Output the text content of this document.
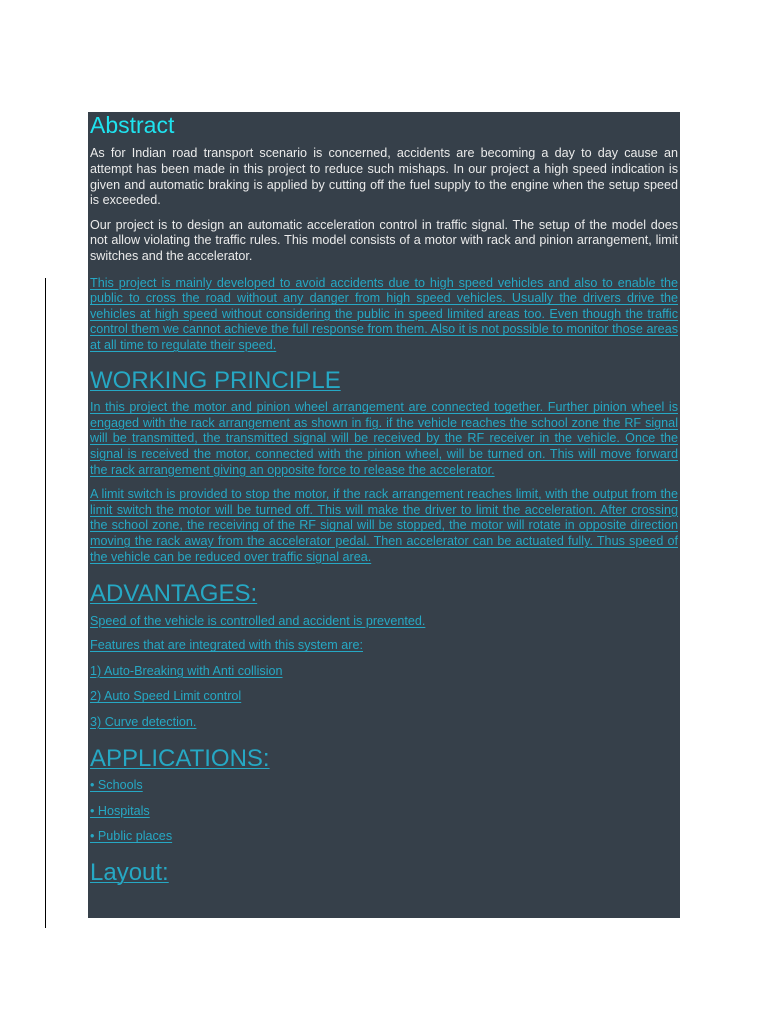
Abstract

As for Indian road transport scenario is concerned, accidents are becoming a day to day cause an attempt has been made in this project to reduce such mishaps. In our project a high speed indication is given and automatic braking is applied by cutting off the fuel supply to the engine when the setup speed is exceeded.

Our project is to design an automatic acceleration control in traffic signal. The setup of the model does not allow violating the traffic rules. This model consists of a motor with rack and pinion arrangement, limit switches and the accelerator.

This project is mainly developed to avoid accidents due to high speed vehicles and also to enable the public to cross the road without any danger from high speed vehicles. Usually the drivers drive the vehicles at high speed without considering the public in speed limited areas too. Even though the traffic control them we cannot achieve the full response from them. Also it is not possible to monitor those areas at all time to regulate their speed.

WORKING PRINCIPLE

In this project the motor and pinion wheel arrangement are connected together. Further pinion wheel is engaged with the rack arrangement as shown in fig. if the vehicle reaches the school zone the RF signal will be transmitted, the transmitted signal will be received by the RF receiver in the vehicle. Once the signal is received the motor, connected with the pinion wheel, will be turned on. This will move forward the rack arrangement giving an opposite force to release the accelerator.

A limit switch is provided to stop the motor, if the rack arrangement reaches limit, with the output from the limit switch the motor will be turned off. This will make the driver to limit the acceleration. After crossing the school zone, the receiving of the RF signal will be stopped, the motor will rotate in opposite direction moving the rack away from the accelerator pedal. Then accelerator can be actuated fully. Thus speed of the vehicle can be reduced over traffic signal area.

ADVANTAGES:

Speed of the vehicle is controlled and accident is prevented.

Features that are integrated with this system are:

1) Auto-Breaking with Anti collision

2) Auto Speed Limit control

3) Curve detection.

APPLICATIONS:

• Schools

• Hospitals

• Public places

Layout:
